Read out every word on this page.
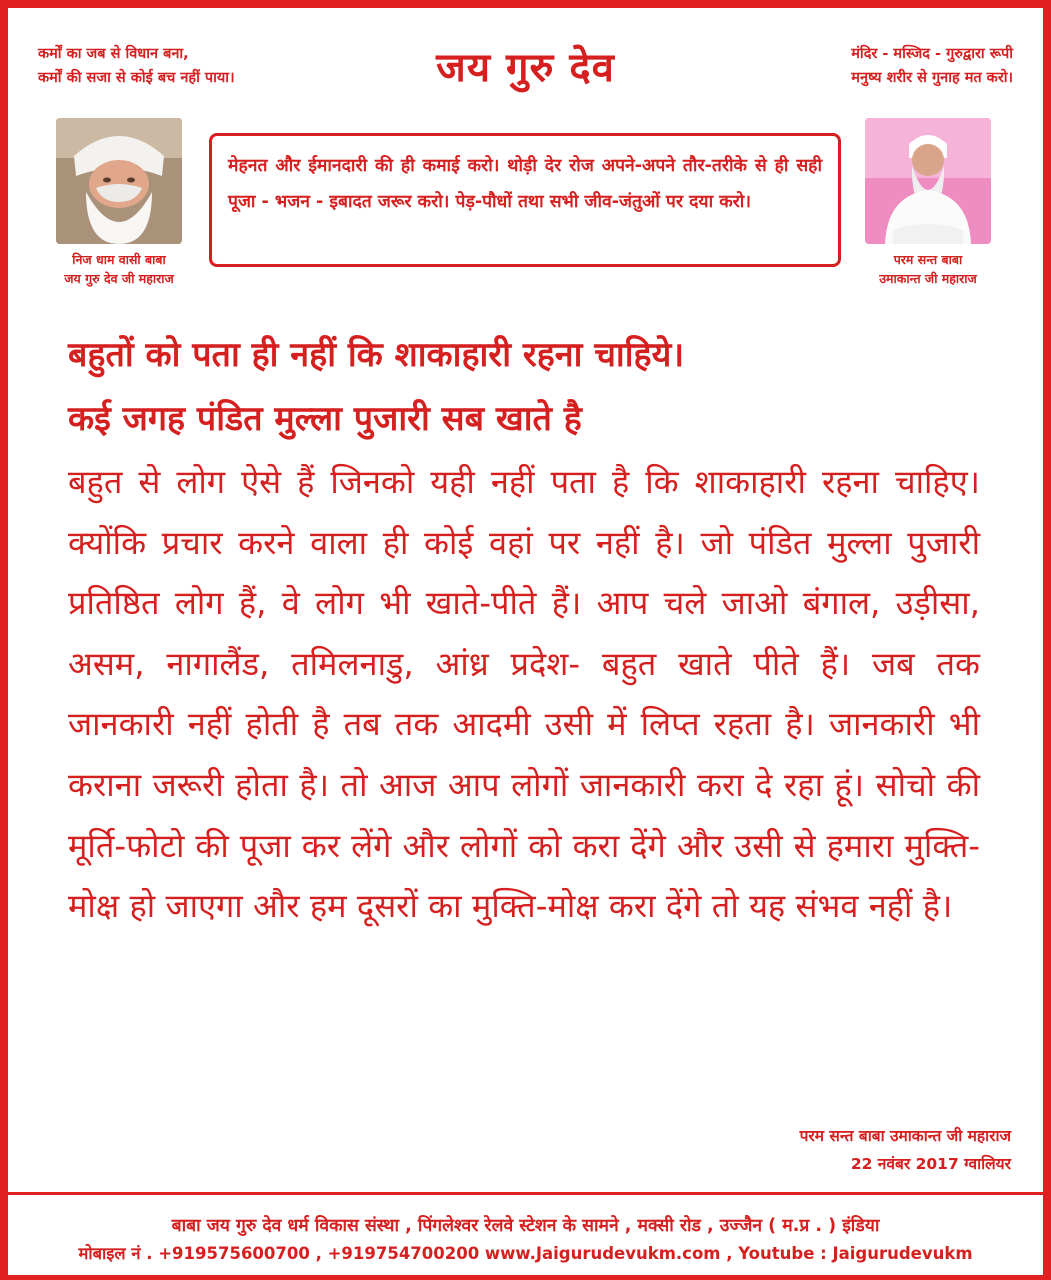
कर्मों का जब से विधान बना,
कर्मों की सजा से कोई बच नहीं पाया।	जय गुरु देव	मंदिर - मस्जिद - गुरुद्वारा रूपी
मनुष्य शरीर से गुनाह मत करो।
निज धाम वासी बाबा
जय गुरु देव जी महाराज
मेहनत और ईमानदारी की ही कमाई करो। थोड़ी देर रोज अपने-अपने तौर-तरीके से ही सही पूजा - भजन - इबादत जरूर करो। पेड़-पौधों तथा सभी जीव-जंतुओं पर दया करो।
परम सन्त बाबा
उमाकान्त जी महाराज
बहुतों को पता ही नहीं कि शाकाहारी रहना चाहिये।
कई जगह पंडित मुल्ला पुजारी सब खाते है
बहुत से लोग ऐसे हैं जिनको यही नहीं पता है कि शाकाहारी रहना चाहिए। क्योंकि प्रचार करने वाला ही कोई वहां पर नहीं है। जो पंडित मुल्ला पुजारी प्रतिष्ठित लोग हैं, वे लोग भी खाते-पीते हैं। आप चले जाओ बंगाल, उड़ीसा, असम, नागालैंड, तमिलनाडु, आंध्र प्रदेश- बहुत खाते पीते हैं। जब तक जानकारी नहीं होती है तब तक आदमी उसी में लिप्त रहता है। जानकारी भी कराना जरूरी होता है। तो आज आप लोगों जानकारी करा दे रहा हूं। सोचो की मूर्ति-फोटो की पूजा कर लेंगे और लोगों को करा देंगे और उसी से हमारा मुक्ति-मोक्ष हो जाएगा और हम दूसरों का मुक्ति-मोक्ष करा देंगे तो यह संभव नहीं है।
परम सन्त बाबा उमाकान्त जी महाराज
22 नवंबर 2017 ग्वालियर
बाबा जय गुरु देव धर्म विकास संस्था , पिंगलेश्वर रेलवे स्टेशन के सामने , मक्सी रोड , उज्जैन ( म.प्र . ) इंडिया
मोबाइल नं . +919575600700 , +919754700200 www.Jaigurudevukm.com , Youtube : Jaigurudevukm
